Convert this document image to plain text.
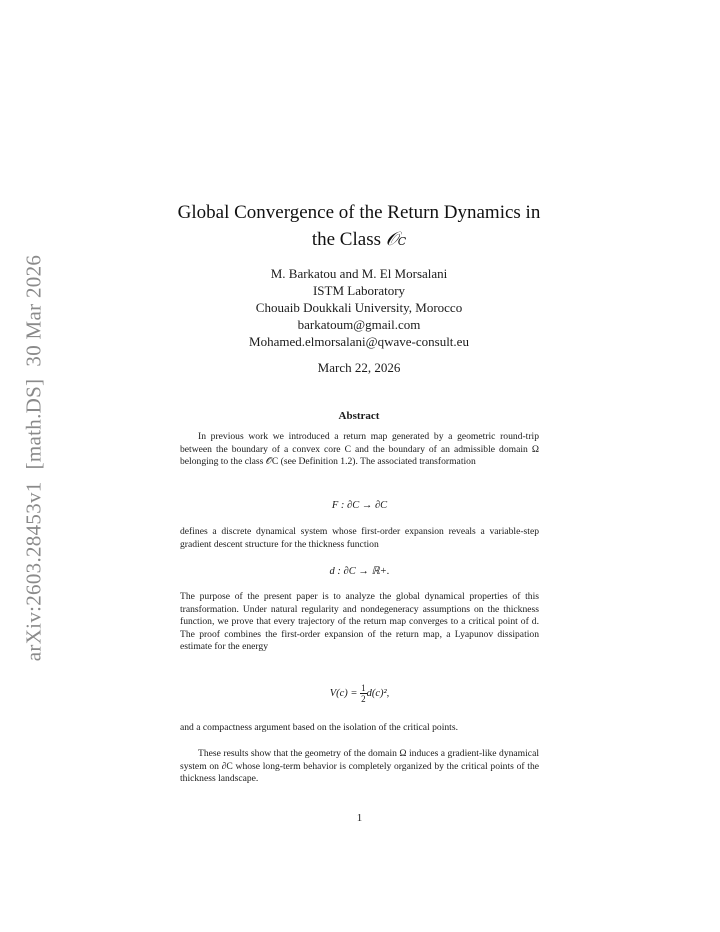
arXiv:2603.28453v1[math.DS]30 Mar 2026
Global Convergence of the Return Dynamics in
the Class 𝒪C
M. Barkatou and M. El Morsalani
ISTM Laboratory
Chouaib Doukkali University, Morocco
barkatoum@gmail.com
Mohamed.elmorsalani@qwave-consult.eu
March 22, 2026
Abstract
In previous work we introduced a return map generated by a geometric round-trip between the boundary of a convex core C and the boundary of an admissible domain Ω belonging to the class 𝒪C (see Definition 1.2). The associated transformation
F : ∂C → ∂C
defines a discrete dynamical system whose first-order expansion reveals a variable-step gradient descent structure for the thickness function
d : ∂C → ℝ+.
The purpose of the present paper is to analyze the global dynamical properties of this transformation. Under natural regularity and nondegeneracy assumptions on the thickness function, we prove that every trajectory of the return map converges to a critical point of d. The proof combines the first-order expansion of the return map, a Lyapunov dissipation estimate for the energy
$V(c) = \frac{1}{2} d(c)^2$,
and a compactness argument based on the isolation of the critical points.
These results show that the geometry of the domain Ω induces a gradient-like dynamical system on ∂C whose long-term behavior is completely organized by the critical points of the thickness landscape.
1
